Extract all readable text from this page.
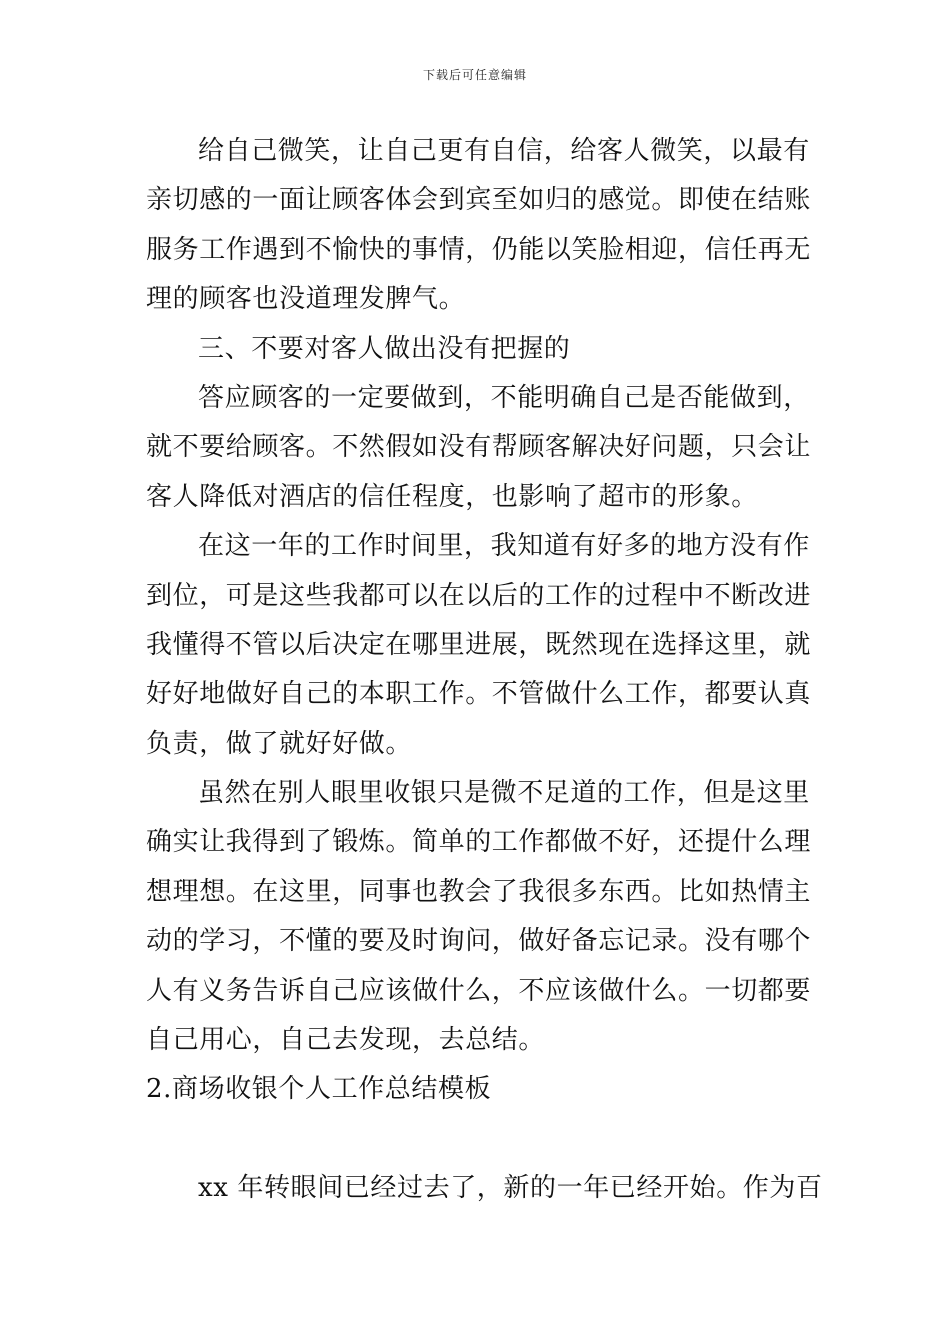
下载后可任意编辑
给自己微笑，让自己更有自信，给客人微笑，以最有
亲切感的一面让顾客体会到宾至如归的感觉。即使在结账
服务工作遇到不愉快的事情，仍能以笑脸相迎，信任再无
理的顾客也没道理发脾气。
三、不要对客人做出没有把握的
答应顾客的一定要做到，不能明确自己是否能做到，
就不要给顾客。不然假如没有帮顾客解决好问题，只会让
客人降低对酒店的信任程度，也影响了超市的形象。
在这一年的工作时间里，我知道有好多的地方没有作
到位，可是这些我都可以在以后的工作的过程中不断改进
我懂得不管以后决定在哪里进展，既然现在选择这里，就
好好地做好自己的本职工作。不管做什么工作，都要认真
负责，做了就好好做。
虽然在别人眼里收银只是微不足道的工作，但是这里
确实让我得到了锻炼。简单的工作都做不好，还提什么理
想理想。在这里，同事也教会了我很多东西。比如热情主
动的学习，不懂的要及时询问，做好备忘记录。没有哪个
人有义务告诉自己应该做什么，不应该做什么。一切都要
自己用心，自己去发现，去总结。
2.商场收银个人工作总结模板
xx 年转眼间已经过去了，新的一年已经开始。作为百
